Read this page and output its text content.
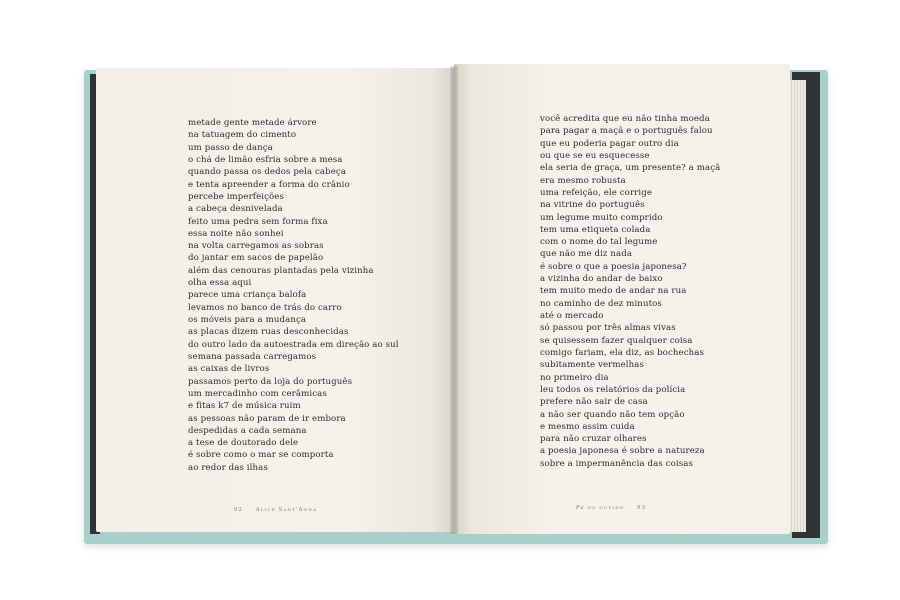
metade gente metade árvore
na tatuagem do cimento
um passo de dança
o chá de limão esfria sobre a mesa
quando passa os dedos pela cabeça
e tenta apreender a forma do crânio
percebe imperfeições
a cabeça desnivelada
feito uma pedra sem forma fixa
essa noite não sonhei
na volta carregamos as sobras
do jantar em sacos de papelão
além das cenouras plantadas pela vizinha
olha essa aqui
parece uma criança balofa
levamos no banco de trás do carro
os móveis para a mudança
as placas dizem ruas desconhecidas
do outro lado da autoestrada em direção ao sul
semana passada carregamos
as caixas de livros
passamos perto da loja do português
um mercadinho com cerâmicas
e fitas k7 de música ruim
as pessoas não param de ir embora
despedidas a cada semana
a tese de doutorado dele
é sobre como o mar se comporta
ao redor das ilhas
92 Alice Sant'Anna
você acredita que eu não tinha moeda
para pagar a maçã e o português falou
que eu poderia pagar outro dia
ou que se eu esquecesse
ela seria de graça, um presente? a maçã
era mesmo robusta
uma refeição, ele corrige
na vitrine do português
um legume muito comprido
tem uma etiqueta colada
com o nome do tal legume
que não me diz nada
é sobre o que a poesia japonesa?
a vizinha do andar de baixo
tem muito medo de andar na rua
no caminho de dez minutos
até o mercado
só passou por três almas vivas
se quisessem fazer qualquer coisa
comigo fariam, ela diz, as bochechas
subitamente vermelhas
no primeiro dia
leu todos os relatórios da polícia
prefere não sair de casa
a não ser quando não tem opção
e mesmo assim cuida
para não cruzar olhares
a poesia japonesa é sobre a natureza
sobre a impermanência das coisas
Pé do ouvido 93
